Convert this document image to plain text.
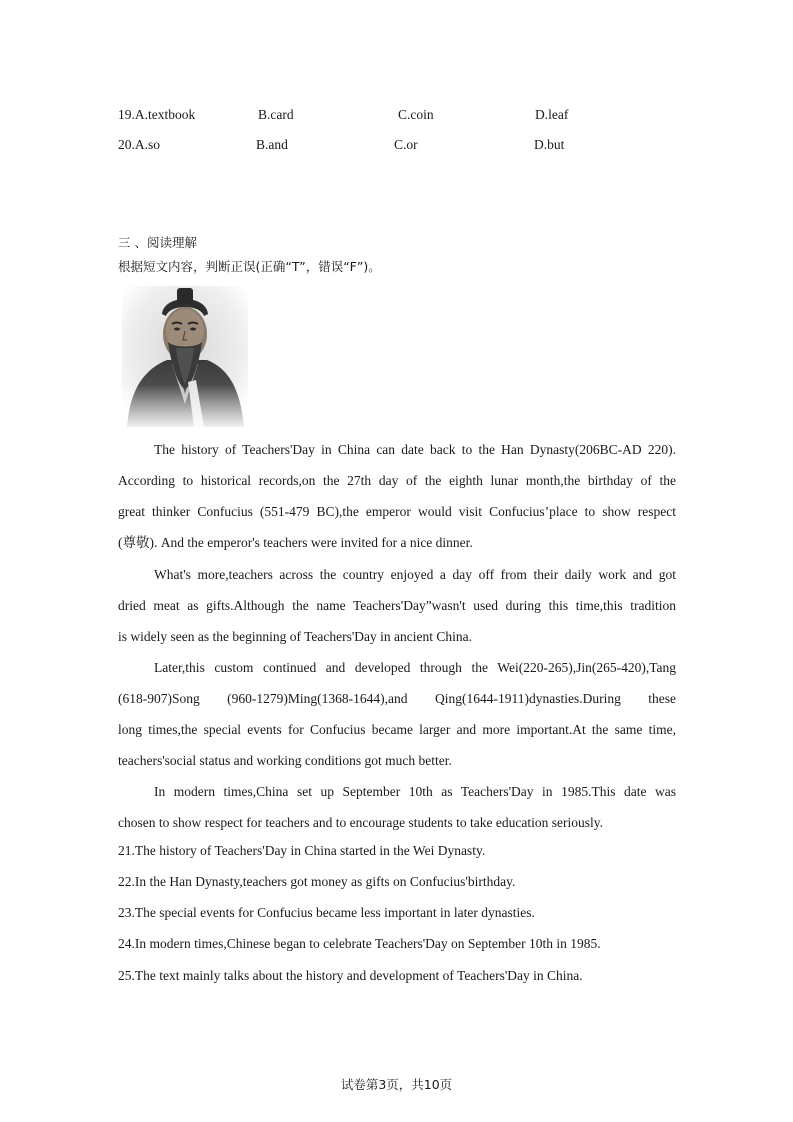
19.A.textbook	B.card	C.coin	D.leaf
20.A.so	B.and	C.or	D.but
三 、阅读理解
根据短文内容，判断正误(正确“T”，错误“F”)。
The history of Teachers'Day in China can date back to the Han Dynasty(206BC-AD 220).
According to historical records,on the 27th day of the eighth lunar month,the birthday of the
great thinker Confucius (551-479 BC),the emperor would visit Confucius’place to show respect
(尊敬). And the emperor's teachers were invited for a nice dinner.
What's more,teachers across the country enjoyed a day off from their daily work and got
dried meat as gifts.Although the name Teachers'Day”wasn't used during this time,this tradition
is widely seen as the beginning of Teachers'Day in ancient China.
Later,this custom continued and developed through the Wei(220-265),Jin(265-420),Tang
(618-907)Song (960-1279)Ming(1368-1644),and Qing(1644-1911)dynasties.During these
long times,the special events for Confucius became larger and more important.At the same time,
teachers'social status and working conditions got much better.
In modern times,China set up September 10th as Teachers'Day in 1985.This date was
chosen to show respect for teachers and to encourage students to take education seriously.
21.The history of Teachers'Day in China started in the Wei Dynasty.
22.In the Han Dynasty,teachers got money as gifts on Confucius'birthday.
23.The special events for Confucius became less important in later dynasties.
24.In modern times,Chinese began to celebrate Teachers'Day on September 10th in 1985.
25.The text mainly talks about the history and development of Teachers'Day in China.
试卷第3页，共10页
